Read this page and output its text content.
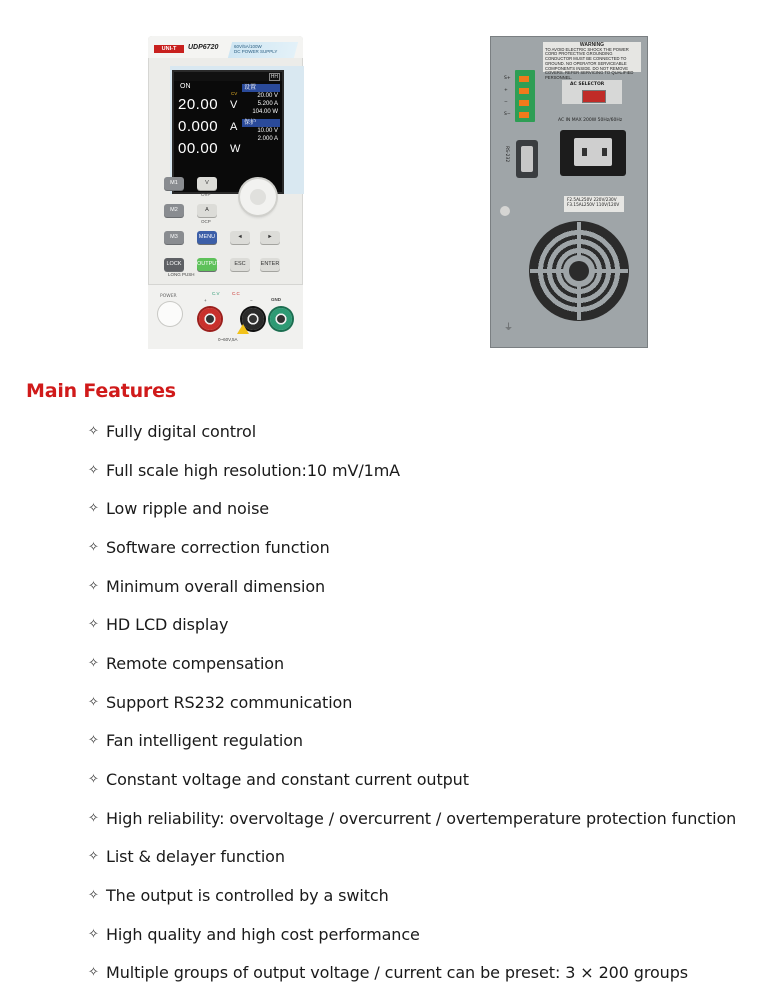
UNI-T	UDP6720	60V/5A/100W
DC POWER SUPPLY
HH
ON
CV
20.00 V
0.000 A
00.00 W
设置
20.00 V
5.200 A
104.00 W
保护
10.00 V
2.000 A
M1
M2
M3
LOCK
LONG PUSH
V
OVP
A
OCP
MENU
OUTPUT
◄	►
ESC	ENTER
POWER
C.V	C.C
GND
+	−
0~60V,5A
WARNING
TO AVOID ELECTRIC SHOCK THE POWER CORD PROTECTIVE GROUNDING CONDUCTOR MUST BE CONNECTED TO GROUND. NO OPERATOR SERVICEABLE COMPONENTS INSIDE. DO NOT REMOVE COVERS. REFER SERVICING TO QUALIFIED PERSONNEL.
S+
+
−
S−
AC SELECTOR
AC IN MAX 200W 50Hz/60Hz
RS-232
F2.5AL250V 220V/230V
F3.15AL250V 110V/120V
⏚
Main Features
✧ Fully digital control
✧ Full scale high resolution:10 mV/1mA
✧ Low ripple and noise
✧ Software correction function
✧ Minimum overall dimension
✧ HD LCD display
✧ Remote compensation
✧ Support RS232 communication
✧ Fan intelligent regulation
✧ Constant voltage and constant current output
✧ High reliability: overvoltage / overcurrent / overtemperature protection function
✧ List & delayer function
✧ The output is controlled by a switch
✧ High quality and high cost performance
✧ Multiple groups of output voltage / current can be preset: 3 × 200 groups
